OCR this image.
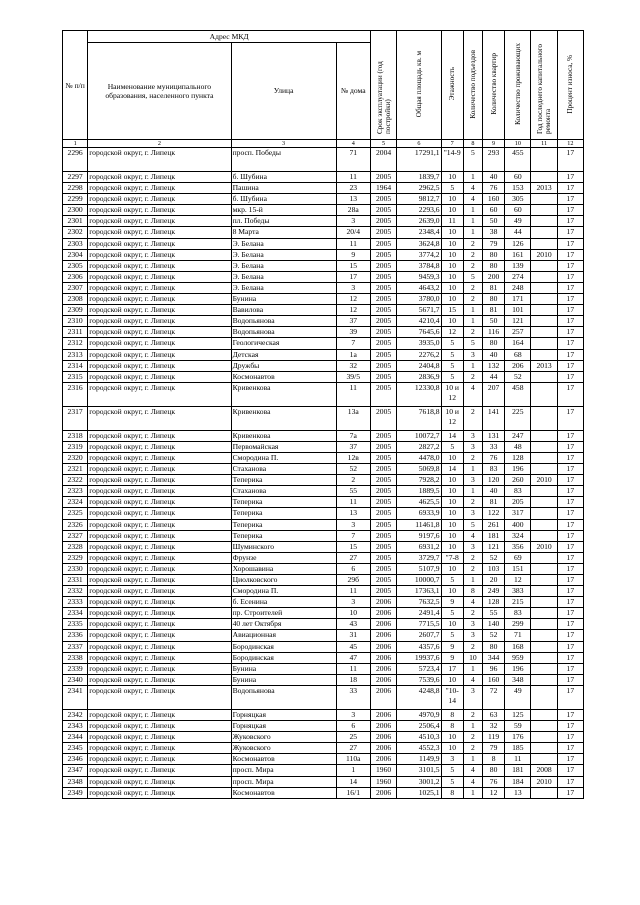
№ п/п	Адрес МКД			Срок эксплуатации (год постройки)	Общая площадь кв. м	Этажность	Количество подъездов	Количество квартир	Количество проживающих	Год последнего капитального ремонта	Процент износа, %
	Наименование муниципального образования, населенного пункта	Улица	№ дома								
1	2	3	4	5	6	7	8	9	10	11	12
2296	городской округ, г. Липецк	просп. Победы	71	2004	17291,1	"14-9	5	293	455		17
2297	городской округ, г. Липецк	б. Шубина	11	2005	1839,7	10	1	40	60		17
2298	городской округ, г. Липецк	Пашина	23	1964	2962,5	5	4	76	153	2013	17
2299	городской округ, г. Липецк	б. Шубина	13	2005	9812,7	10	4	160	305		17
2300	городской округ, г. Липецк	мкр. 15-й	28а	2005	2293,6	10	1	60	60		17
2301	городской округ, г. Липецк	пл. Победы	3	2005	2639,0	11	1	50	49		17
2302	городской округ, г. Липецк	8 Марта	20/4	2005	2348,4	10	1	38	44		17
2303	городской округ, г. Липецк	Э. Белана	11	2005	3624,8	10	2	79	126		17
2304	городской округ, г. Липецк	Э. Белана	9	2005	3774,2	10	2	80	161	2010	17
2305	городской округ, г. Липецк	Э. Белана	15	2005	3784,8	10	2	80	139		17
2306	городской округ, г. Липецк	Э. Белана	17	2005	9459,3	10	5	200	274		17
2307	городской округ, г. Липецк	Э. Белана	3	2005	4643,2	10	2	81	248		17
2308	городской округ, г. Липецк	Бунина	12	2005	3780,0	10	2	80	171		17
2309	городской округ, г. Липецк	Вавилова	12	2005	5671,7	15	1	81	101		17
2310	городской округ, г. Липецк	Водопьянова	37	2005	4210,4	10	1	50	121		17
2311	городской округ, г. Липецк	Водопьянова	39	2005	7645,6	12	2	116	257		17
2312	городской округ, г. Липецк	Геологическая	7	2005	3935,0	5	5	80	164		17
2313	городской округ, г. Липецк	Детская	1а	2005	2276,2	5	3	40	68		17
2314	городской округ, г. Липецк	Дружбы	32	2005	2404,8	5	1	132	206	2013	17
2315	городской округ, г. Липецк	Космонавтов	39/5	2005	2836,9	5	2	44	52		17
2316	городской округ, г. Липецк	Кривенкова	11	2005	12330,8	10 и 12	4	207	458		17
2317	городской округ, г. Липецк	Кривенкова	13а	2005	7618,8	10 и 12	2	141	225		17
2318	городской округ, г. Липецк	Кривенкова	7а	2005	10072,7	14	3	131	247		17
2319	городской округ, г. Липецк	Первомайская	37	2005	2827,2	5	3	33	48		17
2320	городской округ, г. Липецк	Смородина П.	12в	2005	4478,0	10	2	76	128		17
2321	городской округ, г. Липецк	Стаханова	52	2005	5069,8	14	1	83	196		17
2322	городской округ, г. Липецк	Теперика	2	2005	7928,2	10	3	120	260	2010	17
2323	городской округ, г. Липецк	Стаханова	55	2005	1889,5	10	1	40	83		17
2324	городской округ, г. Липецк	Теперика	11	2005	4625,5	10	2	81	205		17
2325	городской округ, г. Липецк	Теперика	13	2005	6933,9	10	3	122	317		17
2326	городской округ, г. Липецк	Теперика	3	2005	11461,8	10	5	261	400		17
2327	городской округ, г. Липецк	Теперика	7	2005	9197,6	10	4	181	324		17
2328	городской округ, г. Липецк	Шуминского	15	2005	6931,2	10	3	121	356	2010	17
2329	городской округ, г. Липецк	Фрунзе	27	2005	3729,7	"7-8	2	52	69		17
2330	городской округ, г. Липецк	Хорошавина	6	2005	5107,9	10	2	103	151		17
2331	городской округ, г. Липецк	Циолковского	29б	2005	10000,7	5	1	20	12		17
2332	городской округ, г. Липецк	Смородина П.	11	2005	17363,1	10	8	249	383		17
2333	городской округ, г. Липецк	б. Есенина	3	2006	7632,5	9	4	128	215		17
2334	городской округ, г. Липецк	пр. Строителей	10	2006	2491,4	5	2	55	83		17
2335	городской округ, г. Липецк	40 лет Октября	43	2006	7715,5	10	3	140	299		17
2336	городской округ, г. Липецк	Авиационная	31	2006	2607,7	5	3	52	71		17
2337	городской округ, г. Липецк	Бородинская	45	2006	4357,6	9	2	80	168		17
2338	городской округ, г. Липецк	Бородинская	47	2006	19937,6	9	10	344	959		17
2339	городской округ, г. Липецк	Бунина	11	2006	5723,4	17	1	96	196		17
2340	городской округ, г. Липецк	Бунина	18	2006	7539,6	10	4	160	348		17
2341	городской округ, г. Липецк	Водопьянова	33	2006	4248,8	"10-14	3	72	49		17
2342	городской округ, г. Липецк	Горняцкая	3	2006	4970,9	8	2	63	125		17
2343	городской округ, г. Липецк	Горняцкая	6	2006	2506,4	8	1	32	59		17
2344	городской округ, г. Липецк	Жуковского	25	2006	4510,3	10	2	119	176		17
2345	городской округ, г. Липецк	Жуковского	27	2006	4552,3	10	2	79	185		17
2346	городской округ, г. Липецк	Космонавтов	110а	2006	1149,9	3	1	8	11		17
2347	городской округ, г. Липецк	просп. Мира	1	1960	3101,5	5	4	80	181	2008	17
2348	городской округ, г. Липецк	просп. Мира	14	1960	3001,2	5	4	76	184	2010	17
2349	городской округ, г. Липецк	Космонавтов	16/1	2006	1025,1	8	1	12	13		17
